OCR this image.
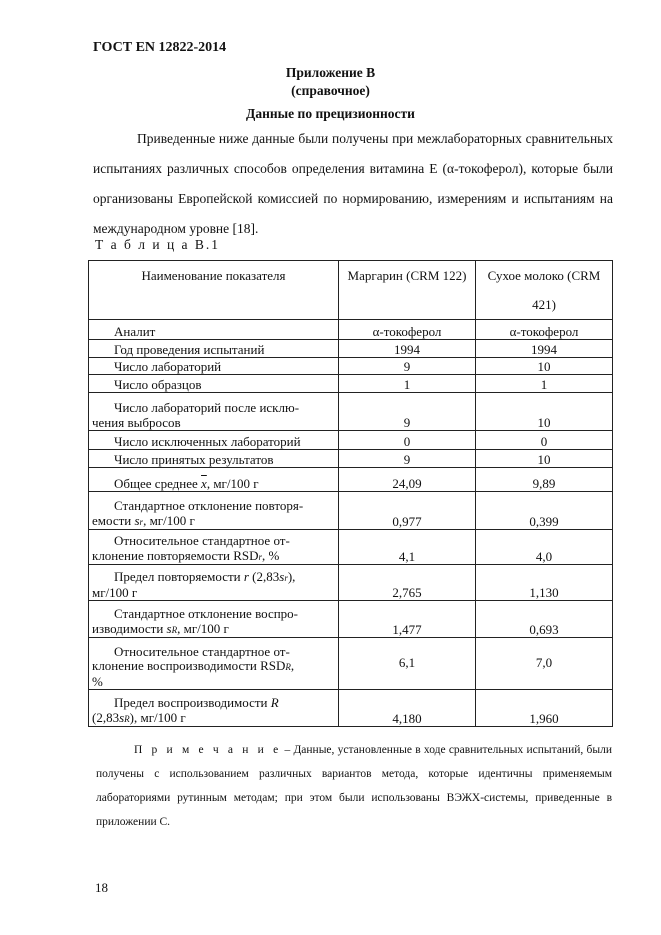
ГОСТ EN 12822-2014
Приложение В
(справочное)
Данные по прецизионности

Приведенные ниже данные были получены при межлабораторных сравнительных испытаниях различных способов определения витамина Е (α-токоферол), которые были организованы Европейской комиссией по нормированию, измерениям и испытаниям на международном уровне [18].

Т а б л и ц а В.1
Наименование показателя	Маргарин (CRM 122)	Сухое молоко (CRM 421)
Аналит	α-токоферол	α-токоферол
Год проведения испытаний	1994	1994
Число лабораторий	9	10
Число образцов	1	1
Число лабораторий после исклю-
чения выбросов	9	10
Число исключенных лабораторий	0	0
Число принятых результатов	9	10
Общее среднее $\overline{x}$, мг/100 г	24,09	9,89
Стандартное отклонение повторя-
емости sr, мг/100 г	0,977	0,399
Относительное стандартное от-
клонение повторяемости RSDr, %	4,1	4,0
Предел повторяемости r (2,83sr),
мг/100 г	2,765	1,130
Стандартное отклонение воспро-
изводимости sR, мг/100 г	1,477	0,693
Относительное стандартное от-
клонение воспроизводимости RSDR,
%	6,1	7,0
Предел воспроизводимости R
(2,83sR), мг/100 г	4,180	1,960
П р и м е ч а н и е – Данные, установленные в ходе сравнительных испытаний, были получены с использованием различных вариантов метода, которые идентичны применяемым лабораториями рутинным методам; при этом были использованы ВЭЖХ-системы, приведенные в приложении С.
18
